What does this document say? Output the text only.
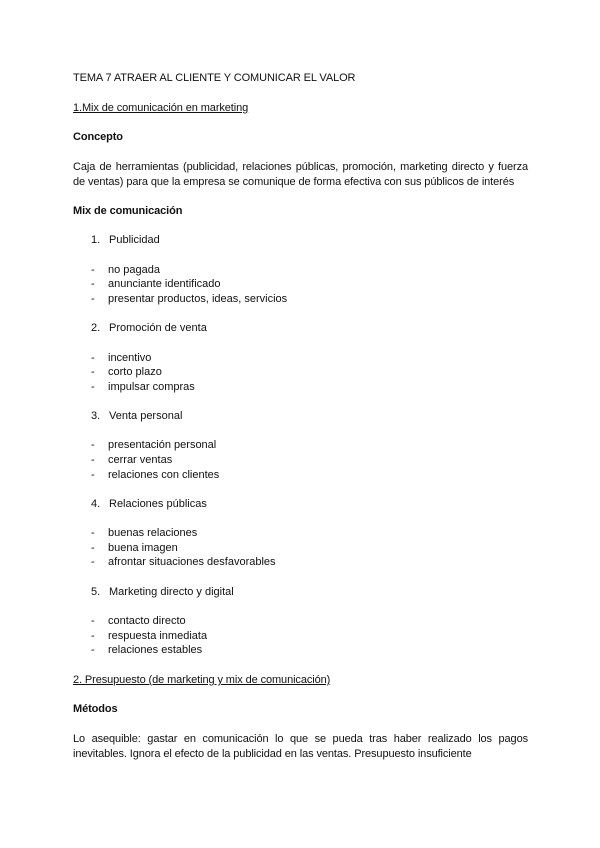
TEMA 7 ATRAER AL CLIENTE Y COMUNICAR EL VALOR
1.Mix de comunicación en marketing
Concepto
Caja de herramientas (publicidad, relaciones públicas, promoción, marketing directo y fuerza de ventas) para que la empresa se comunique de forma efectiva con sus públicos de interés
Mix de comunicación
1. Publicidad
- no pagada
- anunciante identificado
- presentar productos, ideas, servicios
2. Promoción de venta
- incentivo
- corto plazo
- impulsar compras
3. Venta personal
- presentación personal
- cerrar ventas
- relaciones con clientes
4. Relaciones públicas
- buenas relaciones
- buena imagen
- afrontar situaciones desfavorables
5. Marketing directo y digital
- contacto directo
- respuesta inmediata
- relaciones estables
2. Presupuesto (de marketing y mix de comunicación)
Métodos
Lo asequible: gastar en comunicación lo que se pueda tras haber realizado los pagos inevitables. Ignora el efecto de la publicidad en las ventas. Presupuesto insuficiente
